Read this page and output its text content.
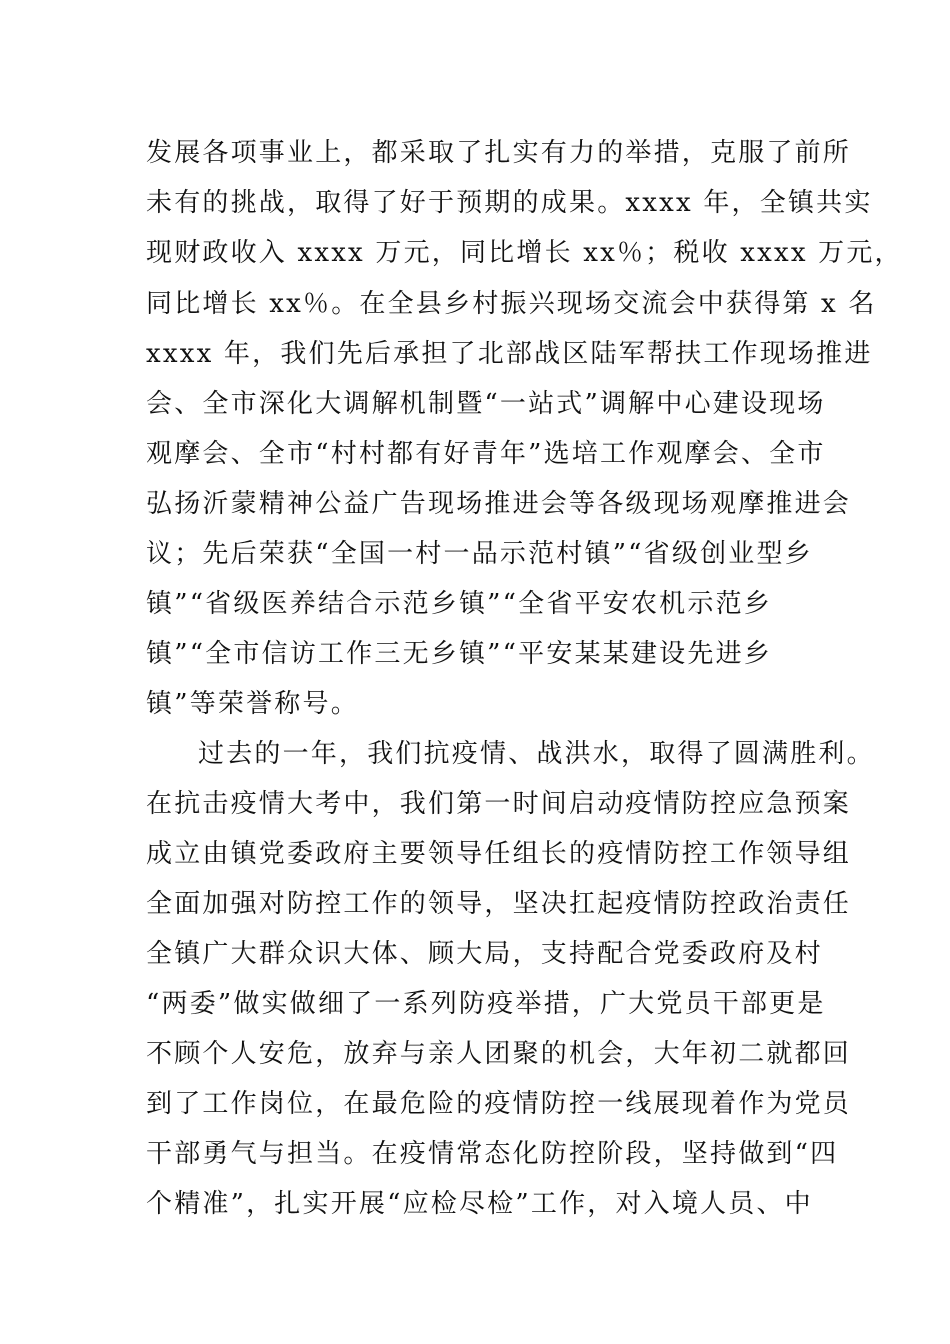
发展各项事业上，都采取了扎实有力的举措，克服了前所
未有的挑战，取得了好于预期的成果。xxxx 年，全镇共实
现财政收入 xxxx 万元，同比增长 xx％；税收 xxxx 万元，
同比增长 xx％。在全县乡村振兴现场交流会中获得第 x 名
xxxx 年，我们先后承担了北部战区陆军帮扶工作现场推进
会、全市深化大调解机制暨“一站式”调解中心建设现场
观摩会、全市“村村都有好青年”选培工作观摩会、全市
弘扬沂蒙精神公益广告现场推进会等各级现场观摩推进会
议；先后荣获“全国一村一品示范村镇”“省级创业型乡
镇”“省级医养结合示范乡镇”“全省平安农机示范乡
镇”“全市信访工作三无乡镇”“平安某某建设先进乡
镇”等荣誉称号。
过去的一年，我们抗疫情、战洪水，取得了圆满胜利。
在抗击疫情大考中，我们第一时间启动疫情防控应急预案
成立由镇党委政府主要领导任组长的疫情防控工作领导组
全面加强对防控工作的领导，坚决扛起疫情防控政治责任
全镇广大群众识大体、顾大局，支持配合党委政府及村
“两委”做实做细了一系列防疫举措，广大党员干部更是
不顾个人安危，放弃与亲人团聚的机会，大年初二就都回
到了工作岗位，在最危险的疫情防控一线展现着作为党员
干部勇气与担当。在疫情常态化防控阶段，坚持做到“四
个精准”，扎实开展“应检尽检”工作，对入境人员、中
